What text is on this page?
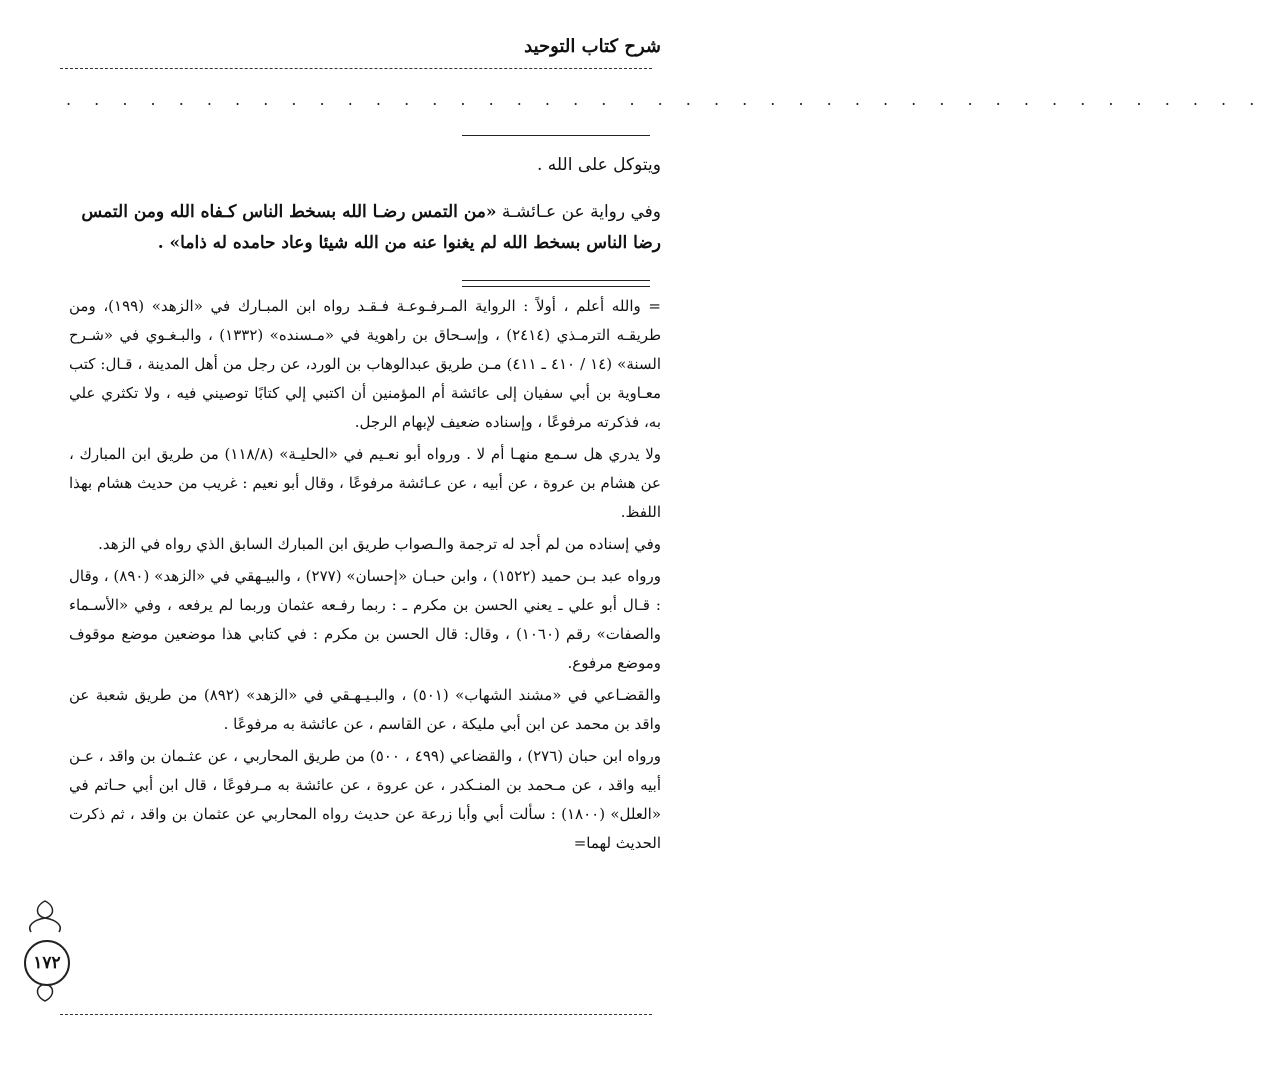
شرح كتاب التوحيد
. . . . . . . . . . . . . . . . . . . . . . . . . . . . . . . . . . . . . . . . . . .
ويتوكل على الله .
وفي رواية عن عـائشـة «من التمس رضـا الله بسخط الناس كـفاه الله ومن التمس رضا الناس بسخط الله لم يغنوا عنه من الله شيئا وعاد حامده له ذاما» .

= والله أعلم ، أولاً : الرواية المـرفـوعـة فـقـد رواه ابن المبـارك في «الزهد» (١٩٩)، ومن طريقـه الترمـذي (٢٤١٤) ، وإسـحاق بن راهوية في «مـسنده» (١٣٣٢) ، والبـغـوي في «شـرح السنة» (١٤ / ٤١٠ ـ ٤١١) مـن طريق عبدالوهاب بن الورد، عن رجل من أهل المدينة ، قـال: كتب معـاوية بن أبي سفيان إلى عائشة أم المؤمنين أن اكتبي إلي كتابًا توصيني فيه ، ولا تكثري علي به، فذكرته مرفوعًا ، وإسناده ضعيف لإبهام الرجل.

ولا يدري هل سـمع منهـا أم لا . ورواه أبو نعـيم في «الحليـة» (١١٨/٨) من طريق ابن المبارك ، عن هشام بن عروة ، عن أبيه ، عن عـائشة مرفوعًا ، وقال أبو نعيم : غريب من حديث هشام بهذا اللفظ.

وفي إسناده من لم أجد له ترجمة والـصواب طريق ابن المبارك السابق الذي رواه في الزهد.

ورواه عبد بـن حميد (١٥٢٢) ، وابن حبـان «إحسان» (٢٧٧) ، والبيـهقي في «الزهد» (٨٩٠) ، وقال : قـال أبو علي ـ يعني الحسن بن مكرم ـ : ربما رفـعه عثمان وربما لم يرفعه ، وفي «الأسـماء والصفات» رقم (١٠٦٠) ، وقال: قال الحسن بن مكرم : في كتابي هذا موضعين موضع موقوف وموضع مرفوع.

والقضـاعي في «مشند الشهاب» (٥٠١) ، والبـيـهـقي في «الزهد» (٨٩٢) من طريق شعبة عن واقد بن محمد عن ابن أبي مليكة ، عن القاسم ، عن عائشة به مرفوعًا .

ورواه ابن حبان (٢٧٦) ، والقضاعي (٤٩٩ ، ٥٠٠) من طريق المحاربي ، عن عثـمان بن واقد ، عـن أبيه واقد ، عن مـحمد بن المنـكدر ، عن عروة ، عن عائشة به مـرفوعًا ، قال ابن أبي حـاتم في «العلل» (١٨٠٠) : سألت أبي وأبا زرعة عن حديث رواه المحاربي عن عثمان بن واقد ، ثم ذكرت الحديث لهما=

١٧٢
